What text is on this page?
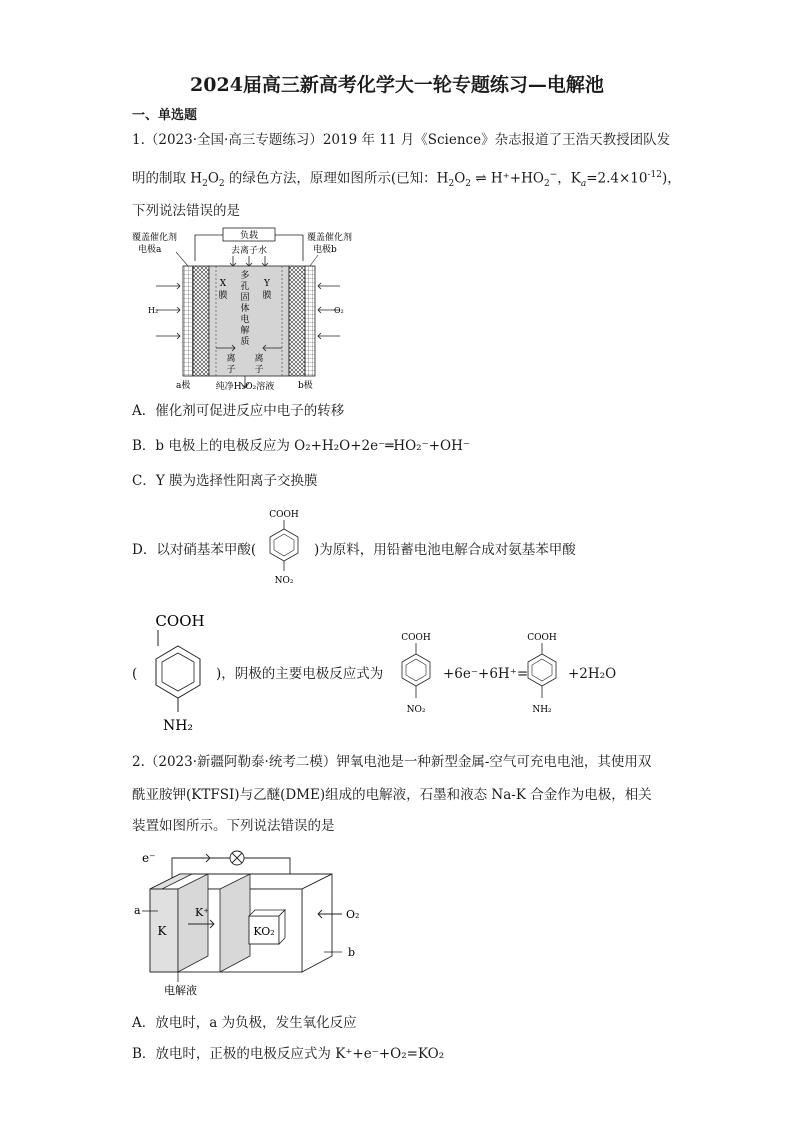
2024届高三新高考化学大一轮专题练习—电解池
一、单选题
1.（2023·全国·高三专题练习）2019 年 11 月《Science》杂志报道了王浩天教授团队发
明的制取 $H_2O_2$ 的绿色方法，原理如图所示(已知：$H_2O_2$ ⇌ $H^++HO_2^-$，$K_a=2.4\times 10^{-12}$)，
下列说法错误的是
负载
去离子水
覆盖催化剂
电极a
覆盖催化剂
电极b
H₂	O₂
X
膜
Y
膜
多
孔
固
体
电
解
质
离
子
离
子
a极	纯净H₂O₂溶液	b极
A．催化剂可促进反应中电子的转移
B．b 电极上的电极反应为 O₂+H₂O+2e⁻═HO₂⁻+OH⁻
C．Y 膜为选择性阳离子交换膜
D．以对硝基苯甲酸(
COOH
NO₂
)为原料，用铅蓄电池电解合成对氨基苯甲酸
(
COOH
NH₂
)，阴极的主要电极反应式为
COOH
NO₂
+6e⁻+6H⁺=
COOH
NH₂
+2H₂O
2.（2023·新疆阿勒泰·统考二模）钾氧电池是一种新型金属-空气可充电电池，其使用双
酰亚胺钾(KTFSI)与乙醚(DME)组成的电解液，石墨和液态 Na-K 合金作为电极，相关
装置如图所示。下列说法错误的是
e⁻
KO₂
a
K
K⁺	O₂
b
电解液
A．放电时，a 为负极，发生氧化反应
B．放电时，正极的电极反应式为 K⁺+e⁻+O₂=KO₂
